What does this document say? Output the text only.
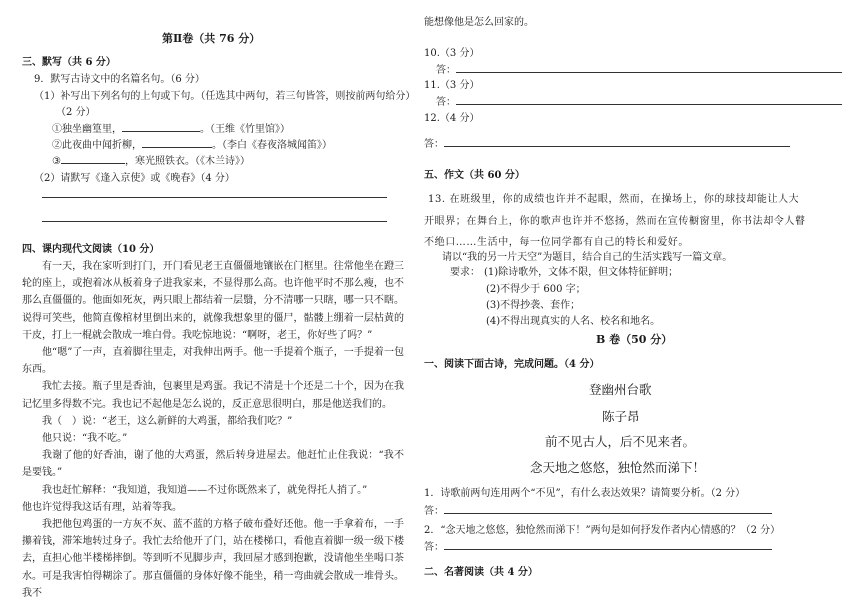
第Ⅱ卷（共 76 分）
三、默写（共 6 分）
9．默写古诗文中的名篇名句。（6 分）
（1）补写出下列名句的上句或下句。（任选其中两句，若三句皆答，则按前两句给分）
（2 分）
①独坐幽篁里，	。（王维《竹里馆》）
②此夜曲中闻折柳，	。（李白《春夜洛城闻笛》）
③	，寒光照铁衣。（《木兰诗》）
（2）请默写《逢入京使》或《晚春》（4 分）
四、课内现代文阅读（10 分）

有一天，我在家听到打门，开门看见老王直僵僵地镶嵌在门框里。往常他坐在蹬三轮的座上，或抱着冰从板着身子进我家来，不显得那么高。也许他平时不那么瘦，也不那么直僵僵的。他面如死灰，两只眼上都结着一层翳，分不清哪一只瞎，哪一只不瞎。说得可笑些，他简直像棺材里倒出来的，就像我想象里的僵尸，骷髅上绷着一层枯黄的干皮，打上一棍就会散成一堆白骨。我吃惊地说：“啊呀，老王，你好些了吗？”

他“嗯”了一声，直着脚往里走，对我伸出两手。他一手提着个瓶子，一手提着一包东西。

我忙去接。瓶子里是香油，包裹里是鸡蛋。我记不清是十个还是二十个，因为在我记忆里多得数不完。我也记不起他是怎么说的，反正意思很明白，那是他送我们的。

我（　）说：“老王，这么新鲜的大鸡蛋，都给我们吃？”

他只说：“我不吃。”

我谢了他的好香油，谢了他的大鸡蛋，然后转身进屋去。他赶忙止住我说：“我不是要钱。”

我也赶忙解释：“我知道，我知道——不过你既然来了，就免得托人捎了。”

他也许觉得我这话有理，站着等我。

我把他包鸡蛋的一方灰不灰、蓝不蓝的方格子破布叠好还他。他一手拿着布，一手攥着钱，滞笨地转过身子。我忙去给他开了门，站在楼梯口，看他直着脚一级一级下楼去，直担心他半楼梯摔倒。等到听不见脚步声，我回屋才感到抱歉，没请他坐坐喝口茶水。可是我害怕得糊涂了。那直僵僵的身体好像不能坐，稍一弯曲就会散成一堆骨头。我不

能想像他是怎么回家的。
10.（3 分）
答：
11.（3 分）
答：
12.（4 分）
答：
五、作文（共 60 分）
13. 在班级里，你的成绩也许并不起眼，然而，在操场上，你的球技却能让人大
开眼界；在舞台上，你的歌声也许并不悠扬，然而在宣传橱窗里，你书法却令人瞽
不绝口……生活中，每一位同学都有自己的特长和爱好。
请以“我的另一片天空”为题目，结合自己的生活实践写一篇文章。
要求： (1)除诗歌外，文体不限，但文体特征鲜明；
(2)不得少于 600 字；
(3)不得抄袭、套作；
(4)不得出现真实的人名、校名和地名。
B 卷（50 分）
一、阅读下面古诗，完成问题。（4 分）
登幽州台歌
陈子昂
前不见古人，后不见来者。
念天地之悠悠，独怆然而涕下！
1．诗歌前两句连用两个“不见”，有什么表达效果？请简要分析。（2 分）
答：
2．“念天地之悠悠，独怆然而涕下！”两句是如何抒发作者内心情感的？（2 分）
答：
二、名著阅读（共 4 分）
